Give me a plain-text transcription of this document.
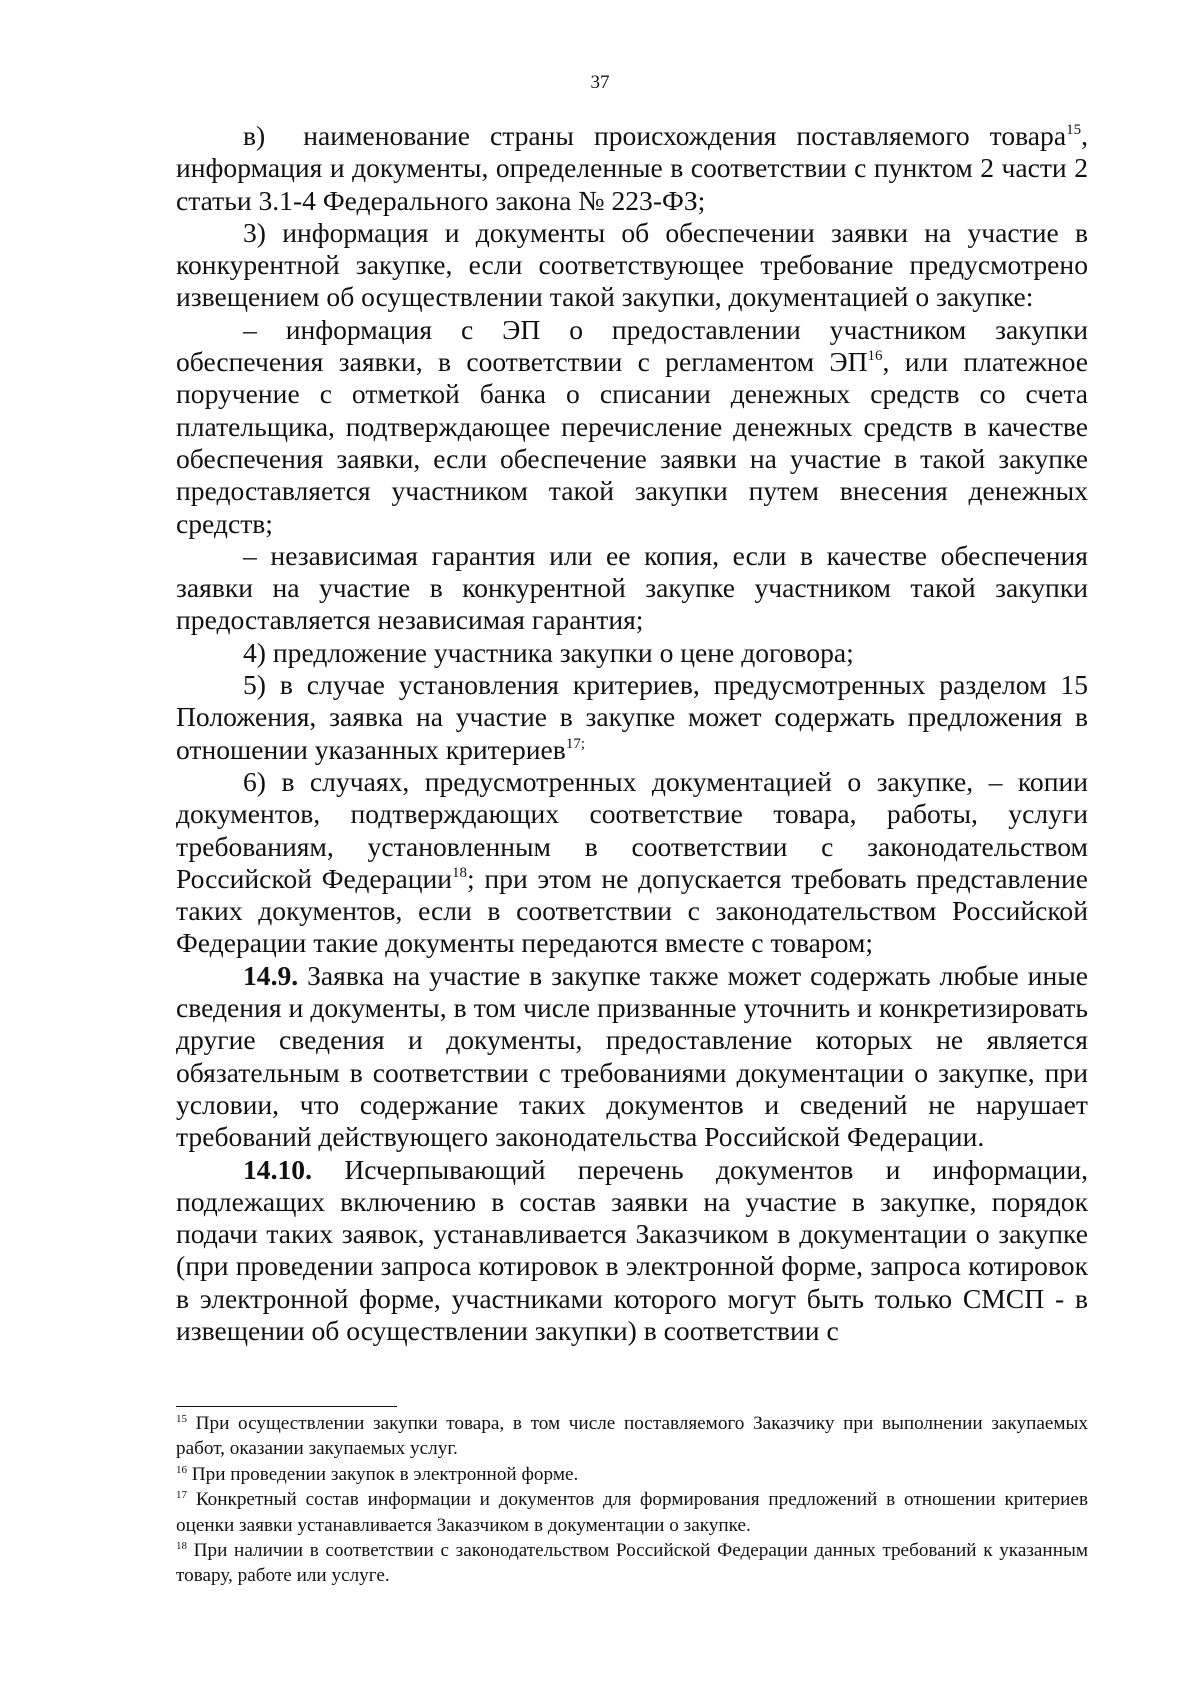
37

в) наименование страны происхождения поставляемого товара$^{15}$, информация и документы, определенные в соответствии с пунктом 2 части 2 статьи 3.1-4 Федерального закона № 223-ФЗ;

3) информация и документы об обеспечении заявки на участие в конкурентной закупке, если соответствующее требование предусмотрено извещением об осуществлении такой закупки, документацией о закупке:

– информация с ЭП о предоставлении участником закупки обеспечения заявки, в соответствии с регламентом ЭП$^{16}$, или платежное поручение с отметкой банка о списании денежных средств со счета плательщика, подтверждающее перечисление денежных средств в качестве обеспечения заявки, если обеспечение заявки на участие в такой закупке предоставляется участником такой закупки путем внесения денежных средств;

– независимая гарантия или ее копия, если в качестве обеспечения заявки на участие в конкурентной закупке участником такой закупки предоставляется независимая гарантия;

4) предложение участника закупки о цене договора;

5) в случае установления критериев, предусмотренных разделом 15 Положения, заявка на участие в закупке может содержать предложения в отношении указанных критериев$^{17;}$

6) в случаях, предусмотренных документацией о закупке, – копии документов, подтверждающих соответствие товара, работы, услуги требованиям, установленным в соответствии с законодательством Российской Федерации$^{18}$; при этом не допускается требовать представление таких документов, если в соответствии с законодательством Российской Федерации такие документы передаются вместе с товаром;

14.9. Заявка на участие в закупке также может содержать любые иные сведения и документы, в том числе призванные уточнить и конкретизировать другие сведения и документы, предоставление которых не является обязательным в соответствии с требованиями документации о закупке, при условии, что содержание таких документов и сведений не нарушает требований действующего законодательства Российской Федерации.

14.10. Исчерпывающий перечень документов и информации, подлежащих включению в состав заявки на участие в закупке, порядок подачи таких заявок, устанавливается Заказчиком в документации о закупке (при проведении запроса котировок в электронной форме, запроса котировок в электронной форме, участниками которого могут быть только СМСП - в извещении об осуществлении закупки) в соответствии с

$^{15}$ При осуществлении закупки товара, в том числе поставляемого Заказчику при выполнении закупаемых работ, оказании закупаемых услуг.

$^{16}$ При проведении закупок в электронной форме.

$^{17}$ Конкретный состав информации и документов для формирования предложений в отношении критериев оценки заявки устанавливается Заказчиком в документации о закупке.

$^{18}$ При наличии в соответствии с законодательством Российской Федерации данных требований к указанным товару, работе или услуге.
